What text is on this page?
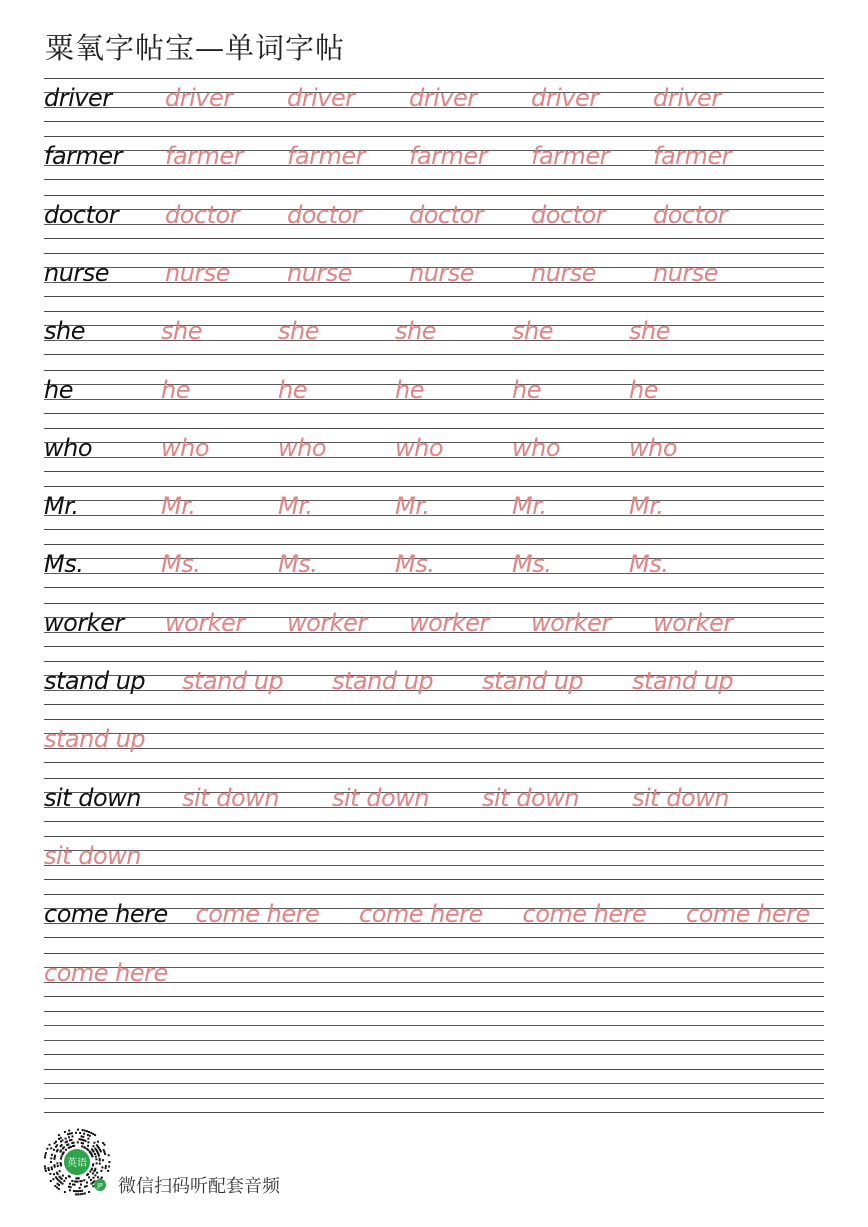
粟氧字帖宝—单词字帖
driver driver driver driver driver driver
farmer farmer farmer farmer farmer farmer
doctor doctor doctor doctor doctor doctor
nurse nurse nurse nurse nurse nurse
she	she	she	she	she	she
he	he	he	he	he	he
who	who	who	who	who	who
Mr.	Mr.	Mr.	Mr.	Mr.	Mr.
Ms.	Ms.	Ms.	Ms.	Ms.	Ms.
worker worker worker worker worker worker
stand up stand up stand up stand up stand up
stand up
sit down sit down sit down sit down sit down
sit down
come here come here come here come here come here
come here
英语
JP 微信扫码听配套音频
